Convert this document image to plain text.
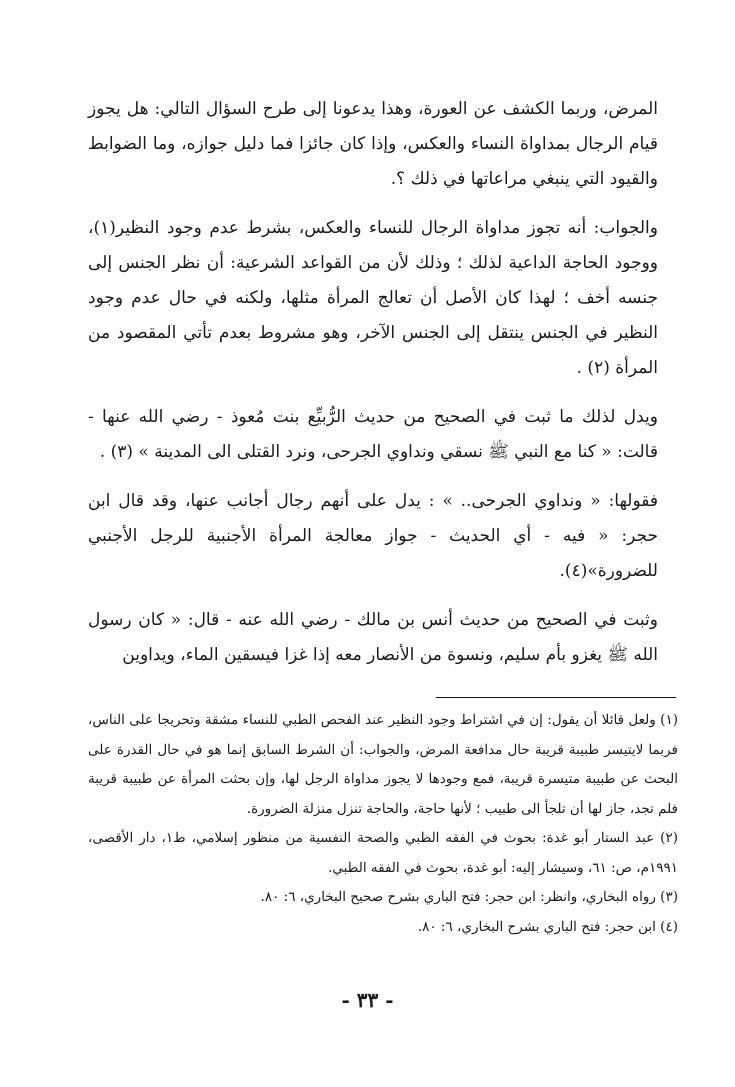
المرض، وربما الكشف عن العورة، وهذا يدعونا إلى طرح السؤال التالي: هل يجوز قيام الرجال بمداواة النساء والعكس، وإذا كان جائزا فما دليل جوازه، وما الضوابط والقيود التي ينبغي مراعاتها في ذلك ؟.

والجواب: أنه تجوز مداواة الرجال للنساء والعكس، بشرط عدم وجود النظير(١)، ووجود الحاجة الداعية لذلك ؛ وذلك لأن من القواعد الشرعية: أن نظر الجنس إلى جنسه أخف ؛ لهذا كان الأصل أن تعالج المرأة مثلها، ولكنه في حال عدم وجود النظير في الجنس ينتقل إلى الجنس الآخر، وهو مشروط بعدم تأتي المقصود من المرأة (٢) .

ويدل لذلك ما ثبت في الصحيح من حديث الرُّبيِّع بنت مُعوذ - رضي الله عنها - قالت: « كنا مع النبي ﷺ نسقي ونداوي الجرحى، ونرد القتلى الى المدينة » (٣) .

فقولها: « ونداوي الجرحى.. » : يدل على أنهم رجال أجانب عنها، وقد قال ابن حجر: « فيه - أي الحديث - جواز معالجة المرأة الأجنبية للرجل الأجنبي للضرورة»(٤).

وثبت في الصحيح من حديث أنس بن مالك - رضي الله عنه - قال: « كان رسول الله ﷺ يغزو بأم سليم، ونسوة من الأنصار معه إذا غزا فيسقين الماء، ويداوين

(١) ولعل قائلا أن يقول: إن في اشتراط وجود النظير عند الفحص الطبي للنساء مشقة وتحريجا على الناس، فربما لايتيسر طبيبة قريبة حال مدافعة المرض، والجواب: أن الشرط السابق إنما هو في حال القدرة على البحث عن طبيبة متيسرة قريبة، فمع وجودها لا يجوز مداواة الرجل لها، وإن بحثت المرأة عن طبيبة قريبة فلم تجد، جاز لها أن تلجأ الى طبيب ؛ لأنها حاجة، والحاجة تنزل منزلة الضرورة.

(٢) عبد الستار أبو غدة: بحوث في الفقه الطبي والصحة النفسية من منظور إسلامي، ط١، دار الأقصى، ١٩٩١م، ص: ٦١، وسيشار إليه: أبو غدة، بحوث في الفقه الطبي.

(٣) رواه البخاري، وانظر: ابن حجر: فتح الباري بشرح صحيح البخاري، ٦: ٨٠.

(٤) ابن حجر: فتح الباري بشرح البخاري، ٦: ٨٠.

- ٣٣ -
